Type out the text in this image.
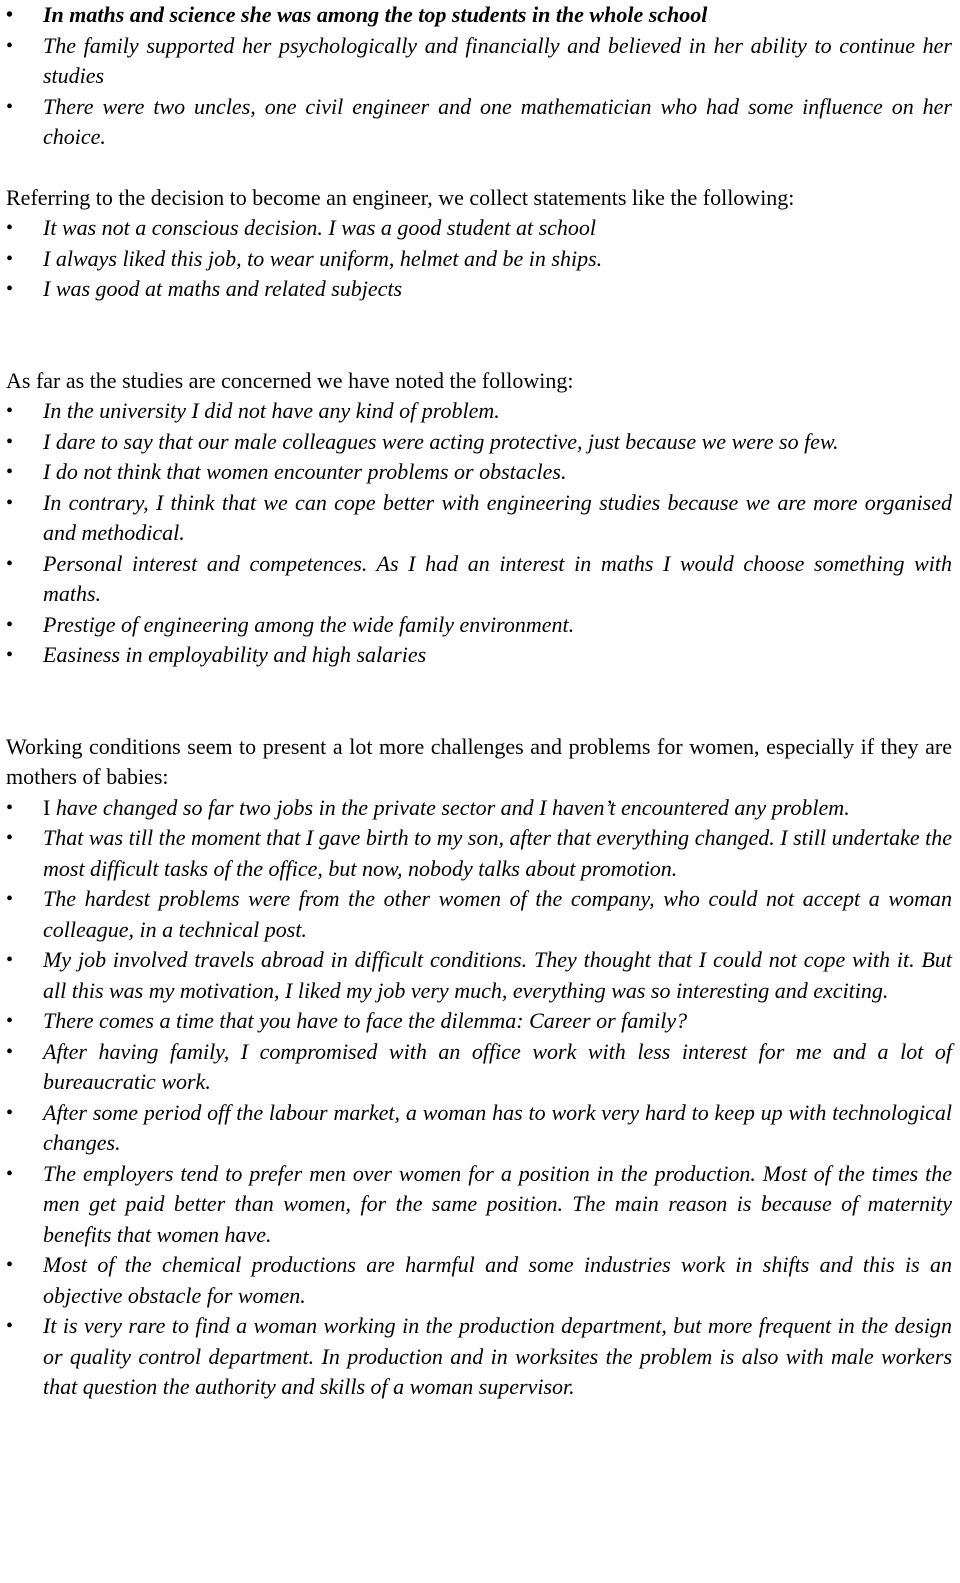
• In maths and science she was among the top students in the whole school
• The family supported her psychologically and financially and believed in her ability to continue her studies
• There were two uncles, one civil engineer and one mathematician who had some influence on her choice.

Referring to the decision to become an engineer, we collect statements like the following:

• It was not a conscious decision. I was a good student at school
• I always liked this job, to wear uniform, helmet and be in ships.
• I was good at maths and related subjects

As far as the studies are concerned we have noted the following:

• In the university I did not have any kind of problem.
• I dare to say that our male colleagues were acting protective, just because we were so few.
• I do not think that women encounter problems or obstacles.
• In contrary, I think that we can cope better with engineering studies because we are more organised and methodical.
• Personal interest and competences. As I had an interest in maths I would choose something with maths.
• Prestige of engineering among the wide family environment.
• Easiness in employability and high salaries

Working conditions seem to present a lot more challenges and problems for women, especially if they are mothers of babies:

• I have changed so far two jobs in the private sector and I haven’t encountered any problem.
• That was till the moment that I gave birth to my son, after that everything changed. I still undertake the most difficult tasks of the office, but now, nobody talks about promotion.
• The hardest problems were from the other women of the company, who could not accept a woman colleague, in a technical post.
• My job involved travels abroad in difficult conditions. They thought that I could not cope with it. But all this was my motivation, I liked my job very much, everything was so interesting and exciting.
• There comes a time that you have to face the dilemma: Career or family?
• After having family, I compromised with an office work with less interest for me and a lot of bureaucratic work.
• After some period off the labour market, a woman has to work very hard to keep up with technological changes.
• The employers tend to prefer men over women for a position in the production. Most of the times the men get paid better than women, for the same position. The main reason is because of maternity benefits that women have.
• Most of the chemical productions are harmful and some industries work in shifts and this is an objective obstacle for women.
• It is very rare to find a woman working in the production department, but more frequent in the design or quality control department. In production and in worksites the problem is also with male workers that question the authority and skills of a woman supervisor.
